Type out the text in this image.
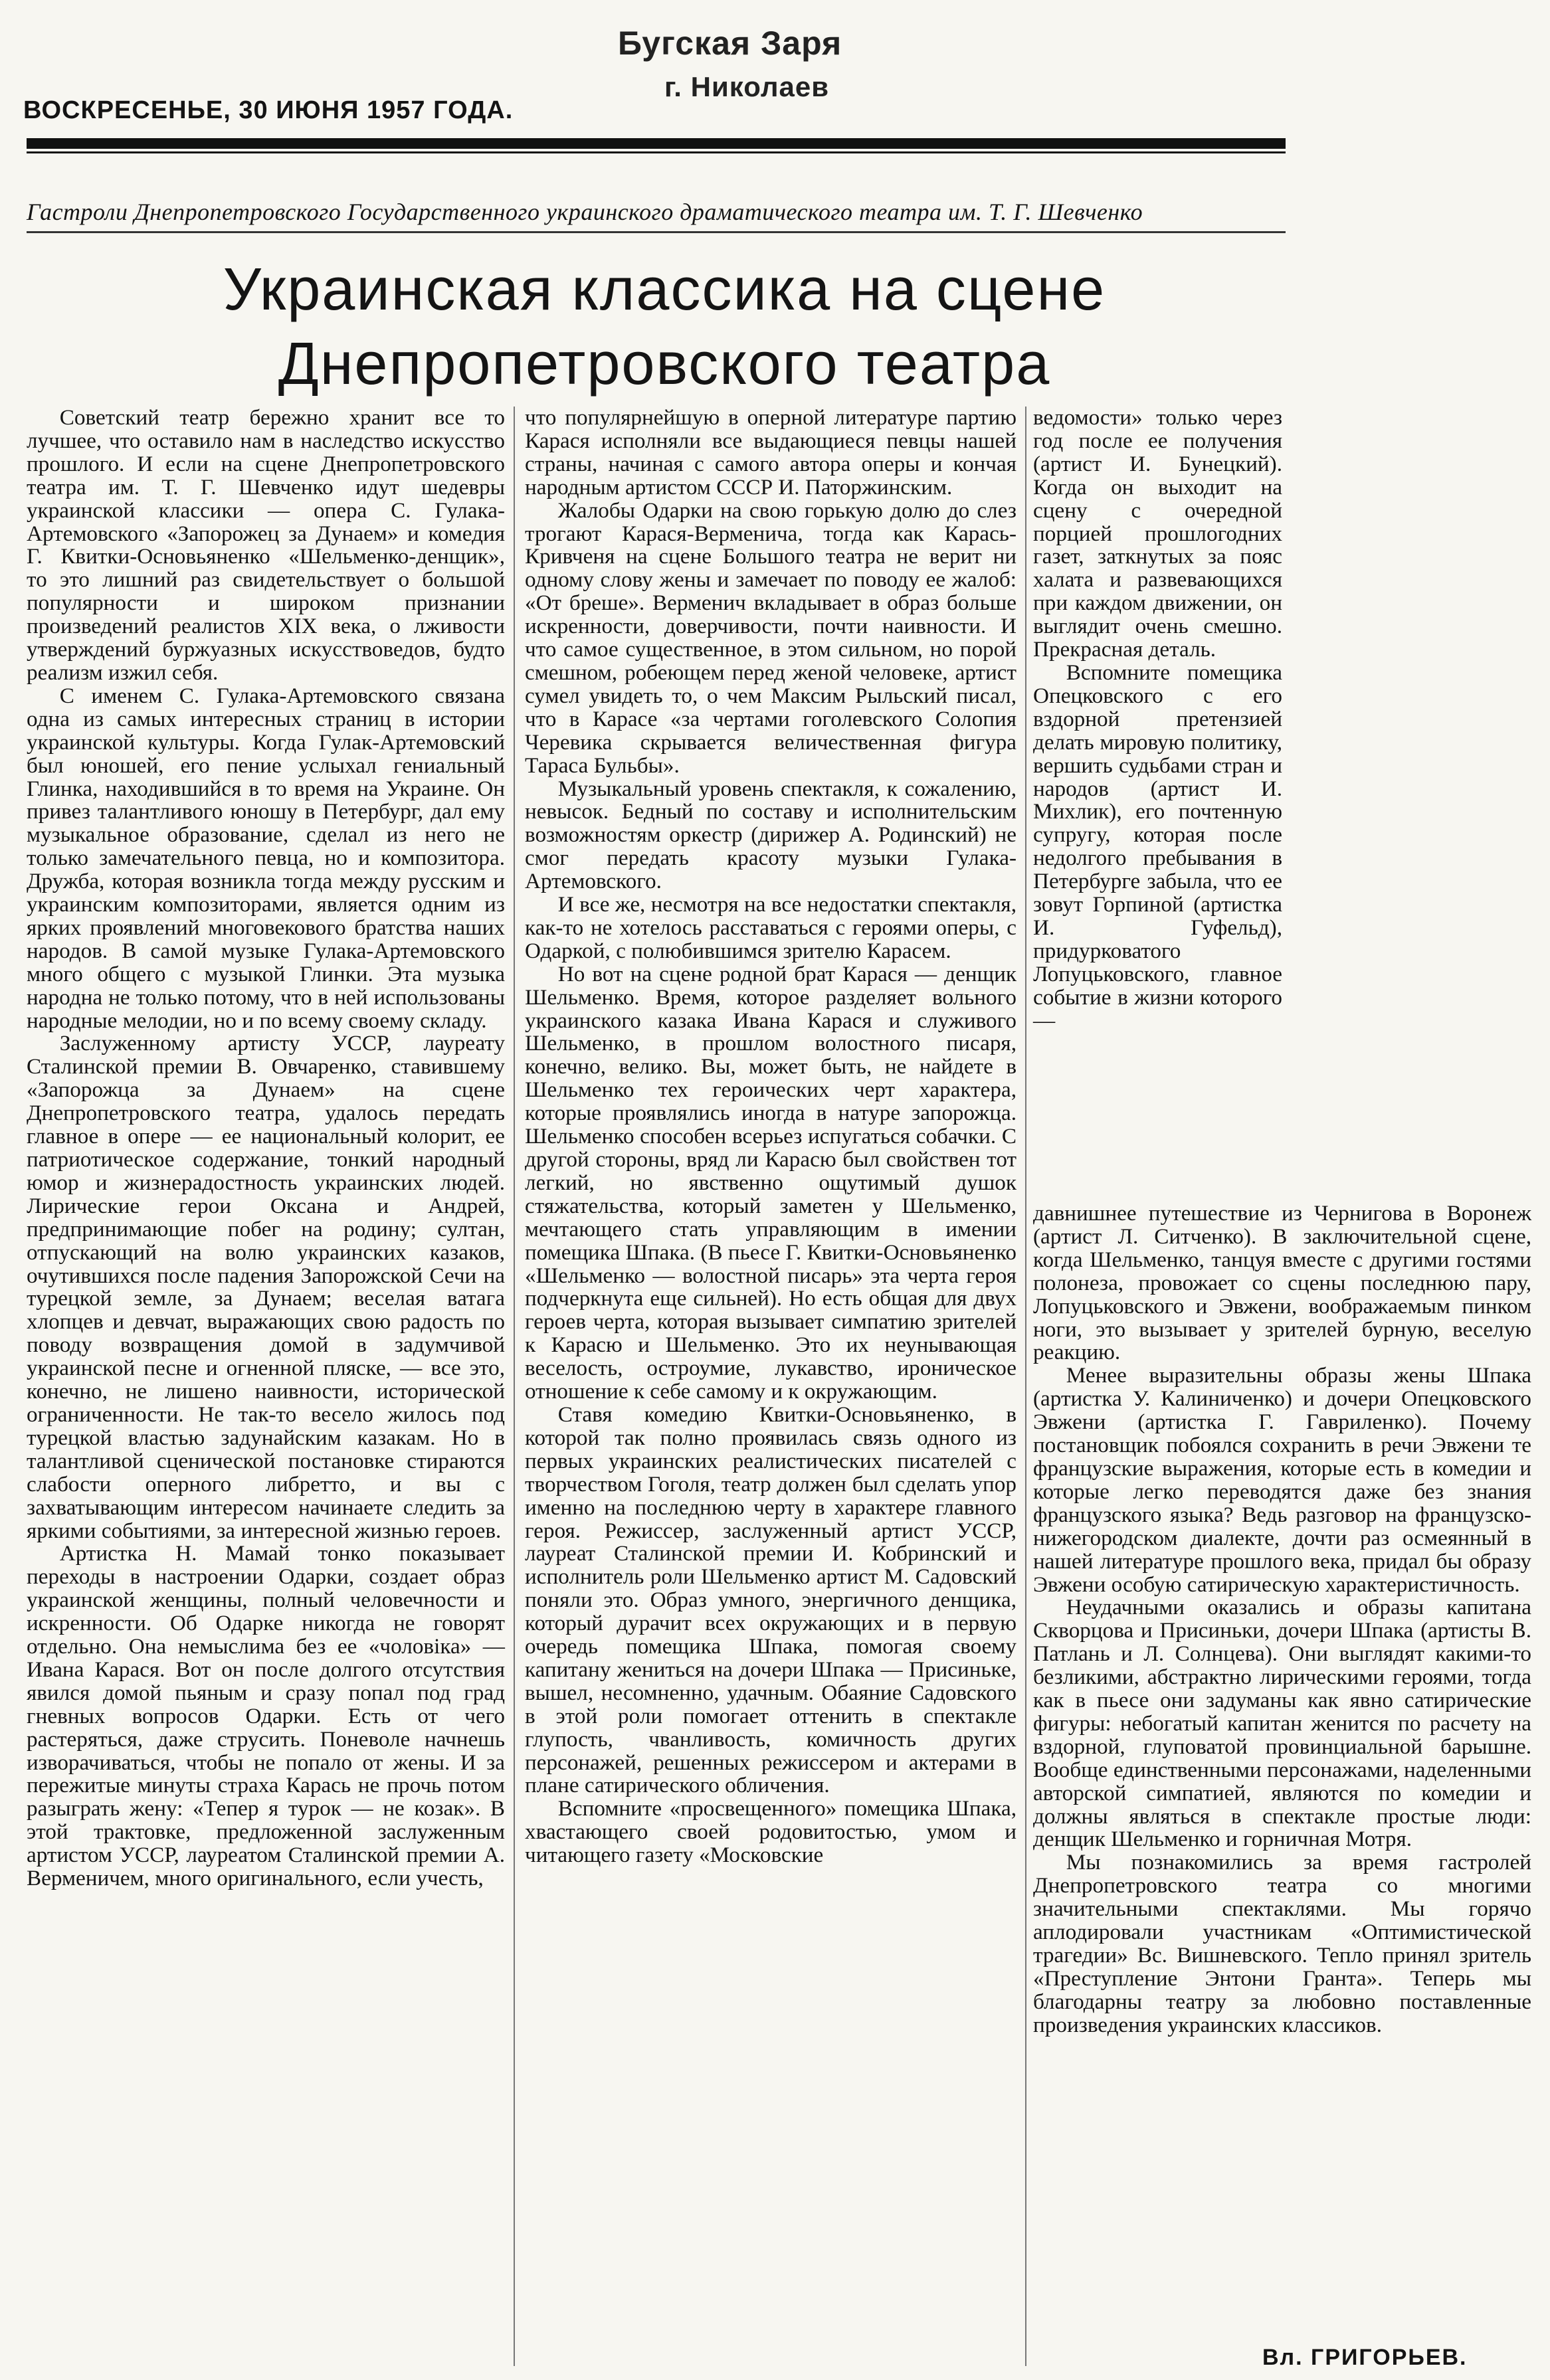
Бугская Заря
г. Николаев
ВОСКРЕСЕНЬЕ, 30 ИЮНЯ 1957 ГОДА.
Гастроли Днепропетровского Государственного украинского драматического театра им. Т. Г. Шевченко
Украинская классика на сцене
Днепропетровского театра

Советский театр бережно хранит все то лучшее, что оставило нам в наследство искусство прошлого. И если на сцене Днепропетровского театра им. Т. Г. Шевченко идут шедевры украинской классики — опера С. Гулака-Артемовского «Запорожец за Дунаем» и комедия Г. Квитки-Основьяненко «Шельменко-денщик», то это лишний раз свидетельствует о большой популярности и широком признании произведений реалистов XIX века, о лживости утверждений буржуазных искусствоведов, будто реализм изжил себя.

С именем С. Гулака-Артемовского связана одна из самых интересных страниц в истории украинской культуры. Когда Гулак-Артемовский был юношей, его пение услыхал гениальный Глинка, находившийся в то время на Украине. Он привез талантливого юношу в Петербург, дал ему музыкальное образование, сделал из него не только замечательного певца, но и композитора. Дружба, которая возникла тогда между русским и украинским композиторами, является одним из ярких проявлений многовекового братства наших народов. В самой музыке Гулака-Артемовского много общего с музыкой Глинки. Эта музыка народна не только потому, что в ней использованы народные мелодии, но и по всему своему складу.

Заслуженному артисту УССР, лауреату Сталинской премии В. Овчаренко, ставившему «Запорожца за Дунаем» на сцене Днепропетровского театра, удалось передать главное в опере — ее национальный колорит, ее патриотическое содержание, тонкий народный юмор и жизнерадостность украинских людей. Лирические герои Оксана и Андрей, предпринимающие побег на родину; султан, отпускающий на волю украинских казаков, очутившихся после падения Запорожской Сечи на турецкой земле, за Дунаем; веселая ватага хлопцев и девчат, выражающих свою радость по поводу возвращения домой в задумчивой украинской песне и огненной пляске, — все это, конечно, не лишено наивности, исторической ограниченности. Не так-то весело жилось под турецкой властью задунайским казакам. Но в талантливой сценической постановке стираются слабости оперного либретто, и вы с захватывающим интересом начинаете следить за яркими событиями, за интересной жизнью героев.

Артистка Н. Мамай тонко показывает переходы в настроении Одарки, создает образ украинской женщины, полный человечности и искренности. Об Одарке никогда не говорят отдельно. Она немыслима без ее «чоловіка» — Ивана Карася. Вот он после долгого отсутствия явился домой пьяным и сразу попал под град гневных вопросов Одарки. Есть от чего растеряться, даже струсить. Поневоле начнешь изворачиваться, чтобы не попало от жены. И за пережитые минуты страха Карась не прочь потом разыграть жену: «Тепер я турок — не козак». В этой трактовке, предложенной заслуженным артистом УССР, лауреатом Сталинской премии А. Верменичем, много оригинального, если учесть,

что популярнейшую в оперной литературе партию Карася исполняли все выдающиеся певцы нашей страны, начиная с самого автора оперы и кончая народным артистом СССР И. Паторжинским.

Жалобы Одарки на свою горькую долю до слез трогают Карася-Верменича, тогда как Карась-Кривченя на сцене Большого театра не верит ни одному слову жены и замечает по поводу ее жалоб: «От бреше». Верменич вкладывает в образ больше искренности, доверчивости, почти наивности. И что самое существенное, в этом сильном, но порой смешном, робеющем перед женой человеке, артист сумел увидеть то, о чем Максим Рыльский писал, что в Карасе «за чертами гоголевского Солопия Черевика скрывается величественная фигура Тараса Бульбы».

Музыкальный уровень спектакля, к сожалению, невысок. Бедный по составу и исполнительским возможностям оркестр (дирижер А. Родинский) не смог передать красоту музыки Гулака-Артемовского.

И все же, несмотря на все недостатки спектакля, как-то не хотелось расставаться с героями оперы, с Одаркой, с полюбившимся зрителю Карасем.

Но вот на сцене родной брат Карася — денщик Шельменко. Время, которое разделяет вольного украинского казака Ивана Карася и служивого Шельменко, в прошлом волостного писаря, конечно, велико. Вы, может быть, не найдете в Шельменко тех героических черт характера, которые проявлялись иногда в натуре запорожца. Шельменко способен всерьез испугаться собачки. С другой стороны, вряд ли Карасю был свойствен тот легкий, но явственно ощутимый душок стяжательства, который заметен у Шельменко, мечтающего стать управляющим в имении помещика Шпака. (В пьесе Г. Квитки-Основьяненко «Шельменко — волостной писарь» эта черта героя подчеркнута еще сильней). Но есть общая для двух героев черта, которая вызывает симпатию зрителей к Карасю и Шельменко. Это их неунывающая веселость, остроумие, лукавство, ироническое отношение к себе самому и к окружающим.

Ставя комедию Квитки-Основьяненко, в которой так полно проявилась связь одного из первых украинских реалистических писателей с творчеством Гоголя, театр должен был сделать упор именно на последнюю черту в характере главного героя. Режиссер, заслуженный артист УССР, лауреат Сталинской премии И. Кобринский и исполнитель роли Шельменко артист М. Садовский поняли это. Образ умного, энергичного денщика, который дурачит всех окружающих и в первую очередь помещика Шпака, помогая своему капитану жениться на дочери Шпака — Присиньке, вышел, несомненно, удачным. Обаяние Садовского в этой роли помогает оттенить в спектакле глупость, чванливость, комичность других персонажей, решенных режиссером и актерами в плане сатирического обличения.

Вспомните «просвещенного» помещика Шпака, хвастающего своей родовитостью, умом и читающего газету «Московские

ведомости» только через год после ее получения (артист И. Бунецкий). Когда он выходит на сцену с очередной порцией прошлогодних газет, заткнутых за пояс халата и развевающихся при каждом движении, он выглядит очень смешно. Прекрасная деталь.

Вспомните помещика Опецковского с его вздорной претензией делать мировую политику, вершить судьбами стран и народов (артист И. Михлик), его почтенную супругу, которая после недолгого пребывания в Петербурге забыла, что ее зовут Горпиной (артистка И. Гуфельд), придурковатого Лопуцьковского, главное событие в жизни которого —

давнишнее путешествие из Чернигова в Воронеж (артист Л. Ситченко). В заключительной сцене, когда Шельменко, танцуя вместе с другими гостями полонеза, провожает со сцены последнюю пару, Лопуцьковского и Эвжени, воображаемым пинком ноги, это вызывает у зрителей бурную, веселую реакцию.

Менее выразительны образы жены Шпака (артистка У. Калиниченко) и дочери Опецковского Эвжени (артистка Г. Гавриленко). Почему постановщик побоялся сохранить в речи Эвжени те французские выражения, которые есть в комедии и которые легко переводятся даже без знания французского языка? Ведь разговор на французско-нижегородском диалекте, дочти раз осмеянный в нашей литературе прошлого века, придал бы образу Эвжени особую сатирическую характеристичность.

Неудачными оказались и образы капитана Скворцова и Присиньки, дочери Шпака (артисты В. Патлань и Л. Солнцева). Они выглядят какими-то безликими, абстрактно лирическими героями, тогда как в пьесе они задуманы как явно сатирические фигуры: небогатый капитан женится по расчету на вздорной, глуповатой провинциальной барышне. Вообще единственными персонажами, наделенными авторской симпатией, являются по комедии и должны являться в спектакле простые люди: денщик Шельменко и горничная Мотря.

Мы познакомились за время гастролей Днепропетровского театра со многими значительными спектаклями. Мы горячо аплодировали участникам «Оптимистической трагедии» Вс. Вишневского. Тепло принял зритель «Преступление Энтони Гранта». Теперь мы благодарны театру за любовно поставленные произведения украинских классиков.

Вл. ГРИГОРЬЕВ.
